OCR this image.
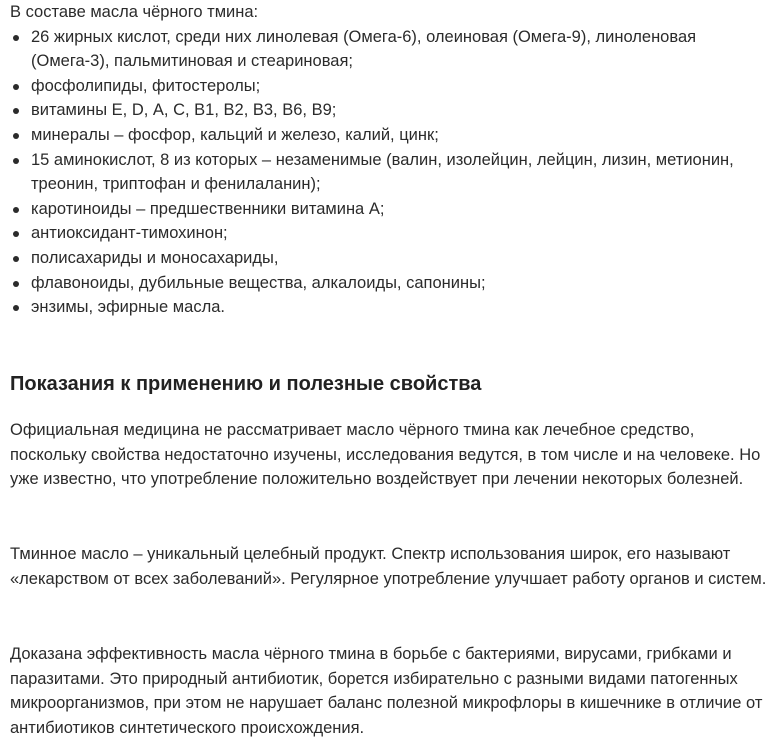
В составе масла чёрного тмина:

26 жирных кислот, среди них линолевая (Омега-6), олеиновая (Омега-9), линоленовая (Омега-3), пальмитиновая и стеариновая;
фосфолипиды, фитостеролы;
витамины Е, D, А, С, В1, В2, В3, В6, В9;
минералы – фосфор, кальций и железо, калий, цинк;
15 аминокислот, 8 из которых – незаменимые (валин, изолейцин, лейцин, лизин, метионин, треонин, триптофан и фенилаланин);
каротиноиды – предшественники витамина А;
антиоксидант-тимохинон;
полисахариды и моносахариды,
флавоноиды, дубильные вещества, алкалоиды, сапонины;
энзимы, эфирные масла.
Показания к применению и полезные свойства

Официальная медицина не рассматривает масло чёрного тмина как лечебное средство, поскольку свойства недостаточно изучены, исследования ведутся, в том числе и на человеке. Но уже известно, что употребление положительно воздействует при лечении некоторых болезней.

Тминное масло – уникальный целебный продукт. Спектр использования широк, его называют «лекарством от всех заболеваний». Регулярное употребление улучшает работу органов и систем.

Доказана эффективность масла чёрного тмина в борьбе с бактериями, вирусами, грибками и паразитами. Это природный антибиотик, борется избирательно с разными видами патогенных микроорганизмов, при этом не нарушает баланс полезной микрофлоры в кишечнике в отличие от антибиотиков синтетического происхождения.
